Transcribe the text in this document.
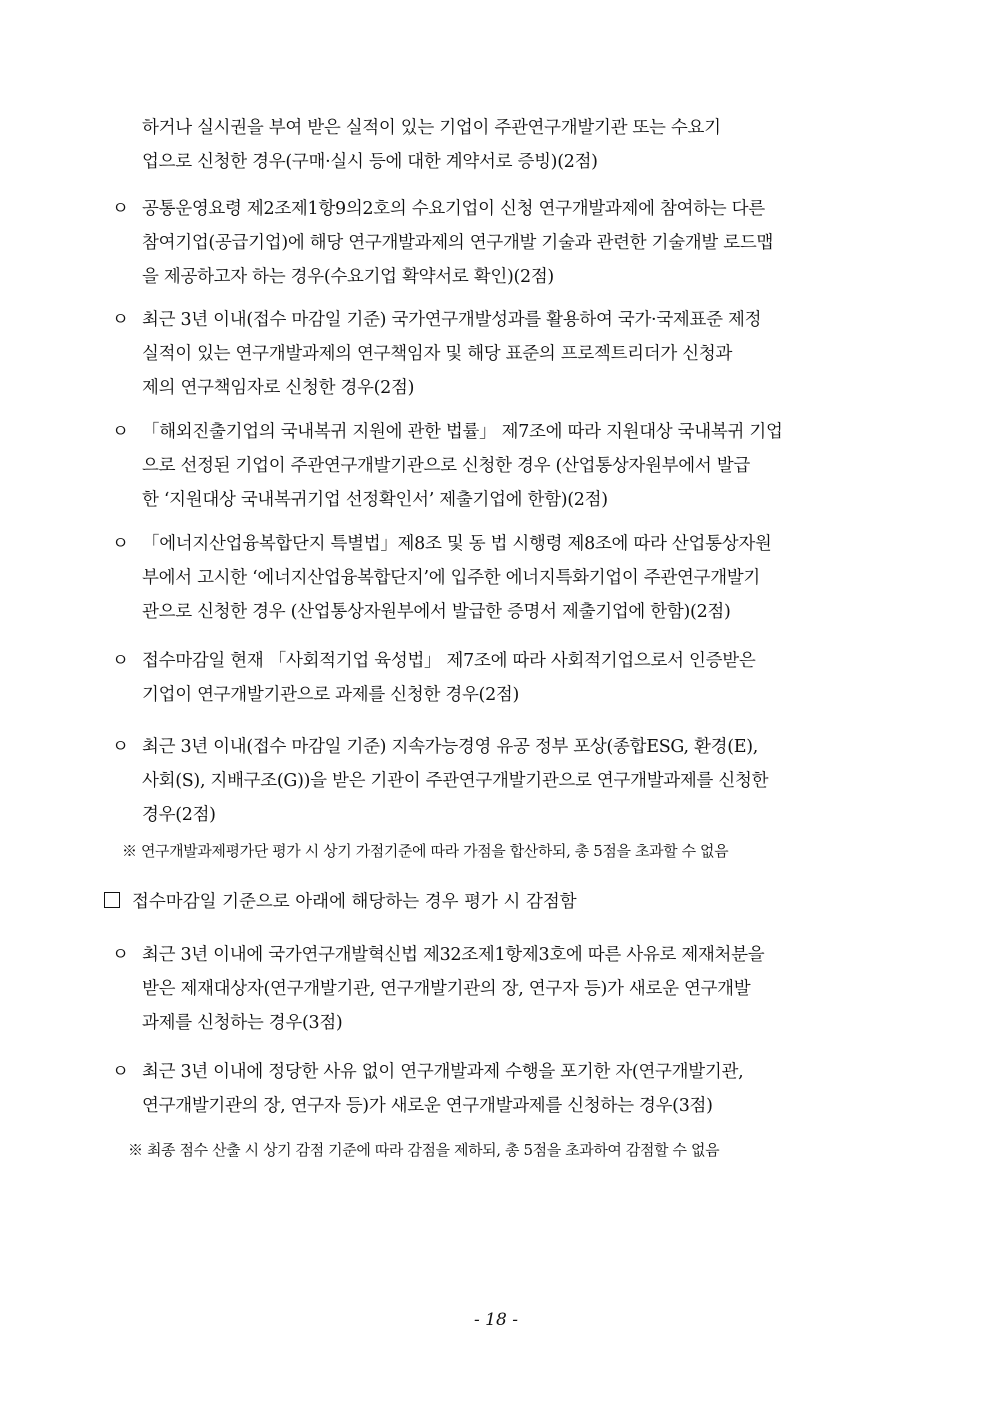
하거나 실시권을 부여 받은 실적이 있는 기업이 주관연구개발기관 또는 수요기
업으로 신청한 경우(구매·실시 등에 대한 계약서로 증빙)(2점)
ㅇ 공통운영요령 제2조제1항9의2호의 수요기업이 신청 연구개발과제에 참여하는 다른
참여기업(공급기업)에 해당 연구개발과제의 연구개발 기술과 관련한 기술개발 로드맵
을 제공하고자 하는 경우(수요기업 확약서로 확인)(2점)
ㅇ 최근 3년 이내(접수 마감일 기준) 국가연구개발성과를 활용하여 국가·국제표준 제정
실적이 있는 연구개발과제의 연구책임자 및 해당 표준의 프로젝트리더가 신청과
제의 연구책임자로 신청한 경우(2점)
ㅇ 「해외진출기업의 국내복귀 지원에 관한 법률」 제7조에 따라 지원대상 국내복귀 기업
으로 선정된 기업이 주관연구개발기관으로 신청한 경우 (산업통상자원부에서 발급
한 ‘지원대상 국내복귀기업 선정확인서’ 제출기업에 한함)(2점)
ㅇ 「에너지산업융복합단지 특별법」제8조 및 동 법 시행령 제8조에 따라 산업통상자원
부에서 고시한 ‘에너지산업융복합단지’에 입주한 에너지특화기업이 주관연구개발기
관으로 신청한 경우 (산업통상자원부에서 발급한 증명서 제출기업에 한함)(2점)
ㅇ 접수마감일 현재 「사회적기업 육성법」 제7조에 따라 사회적기업으로서 인증받은
기업이 연구개발기관으로 과제를 신청한 경우(2점)
ㅇ 최근 3년 이내(접수 마감일 기준) 지속가능경영 유공 정부 포상(종합ESG, 환경(E),
사회(S), 지배구조(G))을 받은 기관이 주관연구개발기관으로 연구개발과제를 신청한
경우(2점)
※ 연구개발과제평가단 평가 시 상기 가점기준에 따라 가점을 합산하되, 총 5점을 초과할 수 없음
접수마감일 기준으로 아래에 해당하는 경우 평가 시 감점함
ㅇ 최근 3년 이내에 국가연구개발혁신법 제32조제1항제3호에 따른 사유로 제재처분을
받은 제재대상자(연구개발기관, 연구개발기관의 장, 연구자 등)가 새로운 연구개발
과제를 신청하는 경우(3점)
ㅇ 최근 3년 이내에 정당한 사유 없이 연구개발과제 수행을 포기한 자(연구개발기관,
연구개발기관의 장, 연구자 등)가 새로운 연구개발과제를 신청하는 경우(3점)
※ 최종 점수 산출 시 상기 감점 기준에 따라 감점을 제하되, 총 5점을 초과하여 감점할 수 없음
- 18 -
